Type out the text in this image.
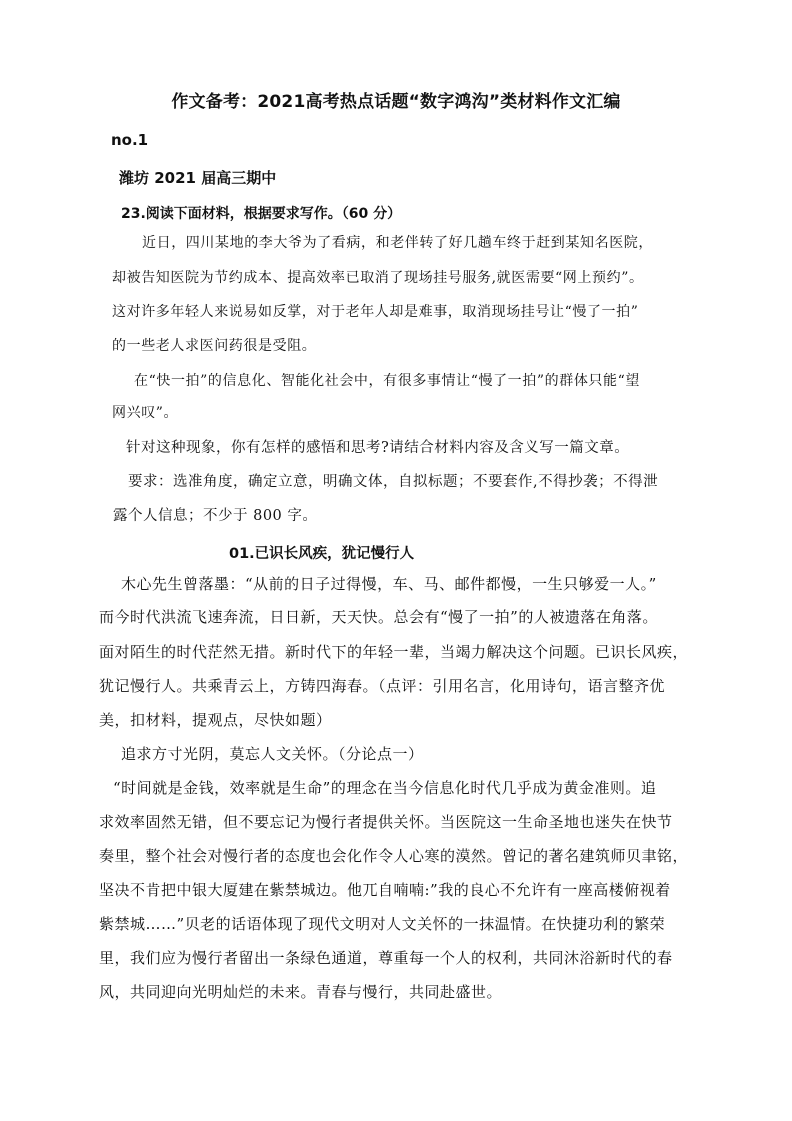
作文备考：2021高考热点话题“数字鸿沟”类材料作文汇编
no.1
潍坊 2021 届高三期中
23.阅读下面材料，根据要求写作。（60 分）
近日，四川某地的李大爷为了看病，和老伴转了好几趟车终于赶到某知名医院，
却被告知医院为节约成本、提高效率已取消了现场挂号服务,就医需要“网上预约”。
这对许多年轻人来说易如反掌，对于老年人却是难事，取消现场挂号让“慢了一拍”
的一些老人求医问药很是受阻。
在“快一拍”的信息化、智能化社会中，有很多事情让“慢了一拍”的群体只能“望
网兴叹”。
针对这种现象，你有怎样的感悟和思考?请结合材料内容及含义写一篇文章。
要求：选准角度，确定立意，明确文体，自拟标题；不要套作,不得抄袭；不得泄
露个人信息；不少于 800 字。
01.已识长风疾，犹记慢行人
木心先生曾落墨：“从前的日子过得慢，车、马、邮件都慢，一生只够爱一人。”
而今时代洪流飞速奔流，日日新，天天快。总会有“慢了一拍”的人被遗落在角落。
面对陌生的时代茫然无措。新时代下的年轻一辈，当竭力解决这个问题。已识长风疾，
犹记慢行人。共乘青云上，方铸四海春。（点评：引用名言，化用诗句，语言整齐优
美，扣材料，提观点，尽快如题）
追求方寸光阴，莫忘人文关怀。（分论点一）
“时间就是金钱，效率就是生命”的理念在当今信息化时代几乎成为黄金准则。追
求效率固然无错，但不要忘记为慢行者提供关怀。当医院这一生命圣地也迷失在快节
奏里，整个社会对慢行者的态度也会化作令人心寒的漠然。曾记的著名建筑师贝聿铭，
坚决不肯把中银大厦建在紫禁城边。他兀自喃喃:”我的良心不允许有一座高楼俯视着
紫禁城……”贝老的话语体现了现代文明对人文关怀的一抹温情。在快捷功利的繁荣
里，我们应为慢行者留出一条绿色通道，尊重每一个人的权利，共同沐浴新时代的春
风，共同迎向光明灿烂的未来。青春与慢行，共同赴盛世。
